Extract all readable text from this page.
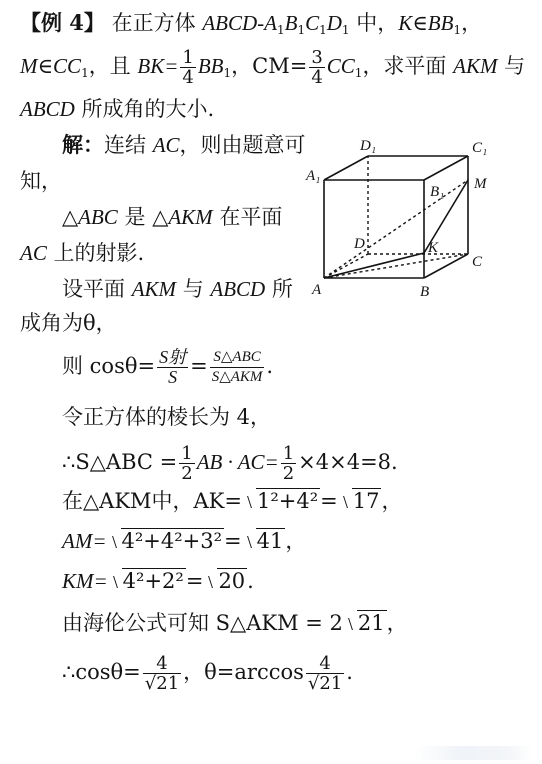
【例 4】 在正方体 ABCD-$A_1B_1C_1D_1$ 中，$K\in BB_1$，
$M\in CC_1$，且 $BK= \frac{1}{4} BB_1$，$CM= \frac{3}{4} CC_1$，求平面 AKM 与
ABCD 所成角的大小.
解：连结 AC，则由题意可
知，
△ABC 是 △AKM 在平面
AC 上的射影.
设平面 AKM 与 ABCD 所
成角为θ，
则 $\cos\theta= \frac{\text{S射}}{S} = \frac{\text{S△ABC}}{\text{S△AKM}}$ .
令正方体的棱长为 4，
∴S△ABC = $\frac{1}{2}$ AB · $AC= \frac{1}{2} \times 4\times 4=8$.
在△AKM中，AK= 1²+4²= 17，
AM= 4²+4²+3²= 41，
KM= 4²+2²= 20.
由海伦公式可知 S△AKM = 2 21，
∴cosθ= $\frac{4}{√21}$ ，$\theta=\arccos \frac{4}{√21}$ .
D₁	C₁
A₁
B₁ M
D	K
C
A	B
